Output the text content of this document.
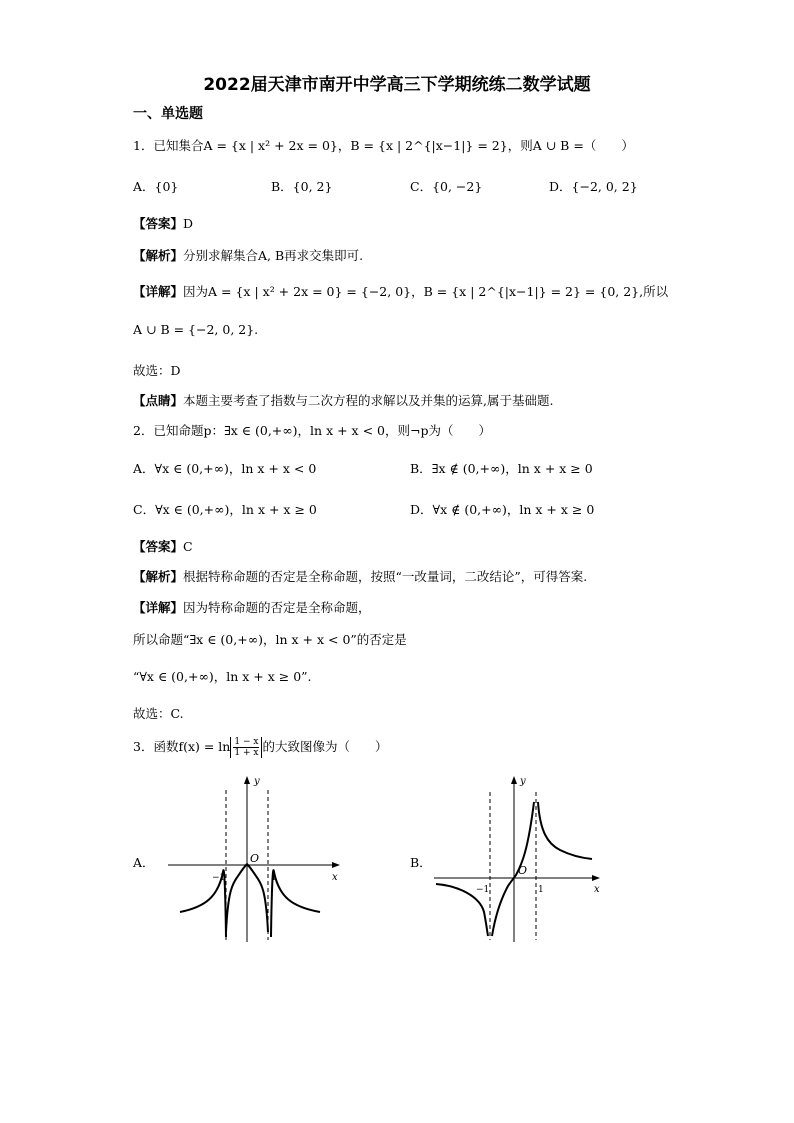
2022届天津市南开中学高三下学期统练二数学试题
一、单选题
1．已知集合A = {x | x² + 2x = 0}，B = {x | 2^{|x−1|} = 2}，则A ∪ B =（　　）
A．{0}	B．{0, 2}	C．{0, −2}	D．{−2, 0, 2}
【答案】D
【解析】分别求解集合A, B再求交集即可.
【详解】因为A = {x | x² + 2x = 0} = {−2, 0}，B = {x | 2^{|x−1|} = 2} = {0, 2},所以
A ∪ B = {−2, 0, 2}.
故选：D
【点睛】本题主要考查了指数与二次方程的求解以及并集的运算,属于基础题.
2．已知命题p：∃x ∈ (0,+∞)，ln x + x < 0，则¬p为（　　）
A．∀x ∈ (0,+∞)，ln x + x < 0	B．∃x ∉ (0,+∞)，ln x + x ≥ 0
C．∀x ∈ (0,+∞)，ln x + x ≥ 0	D．∀x ∉ (0,+∞)，ln x + x ≥ 0
【答案】C
【解析】根据特称命题的否定是全称命题，按照“一改量词，二改结论”，可得答案.
【详解】因为特称命题的否定是全称命题，
所以命题“∃x ∈ (0,+∞)，ln x + x < 0”的否定是
“∀x ∈ (0,+∞)，ln x + x ≥ 0”.
故选：C.
3．函数$f(x) = \ln \frac{1 - x}{1 + x}$ 的大致图像为（　　）
A．	B．
O
y
x
−1	1
O
y
x
−1	1
